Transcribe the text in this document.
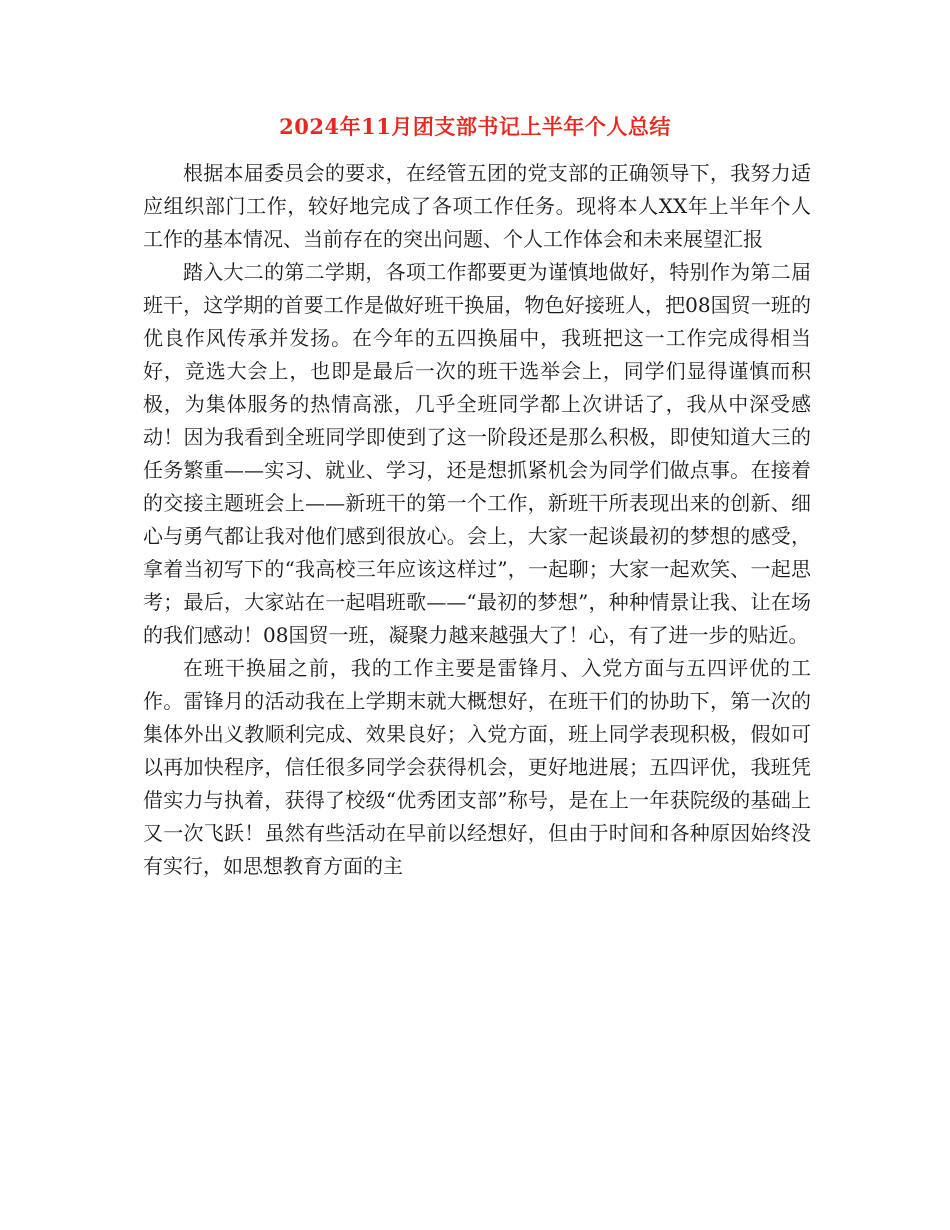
2024年11月团支部书记上半年个人总结

根据本届委员会的要求，在经管五团的党支部的正确领导下，我努力适应组织部门工作，较好地完成了各项工作任务。现将本人XX年上半年个人工作的基本情况、当前存在的突出问题、个人工作体会和未来展望汇报

踏入大二的第二学期，各项工作都要更为谨慎地做好，特别作为第二届班干，这学期的首要工作是做好班干换届，物色好接班人，把08国贸一班的优良作风传承并发扬。在今年的五四换届中，我班把这一工作完成得相当好，竞选大会上，也即是最后一次的班干选举会上，同学们显得谨慎而积极，为集体服务的热情高涨，几乎全班同学都上次讲话了，我从中深受感动！因为我看到全班同学即使到了这一阶段还是那么积极，即使知道大三的任务繁重——实习、就业、学习，还是想抓紧机会为同学们做点事。在接着的交接主题班会上——新班干的第一个工作，新班干所表现出来的创新、细心与勇气都让我对他们感到很放心。会上，大家一起谈最初的梦想的感受，拿着当初写下的“我高校三年应该这样过”，一起聊；大家一起欢笑、一起思考；最后，大家站在一起唱班歌——“最初的梦想”，种种情景让我、让在场的我们感动！08国贸一班，凝聚力越来越强大了！心，有了进一步的贴近。

在班干换届之前，我的工作主要是雷锋月、入党方面与五四评优的工作。雷锋月的活动我在上学期末就大概想好，在班干们的协助下，第一次的集体外出义教顺利完成、效果良好；入党方面，班上同学表现积极，假如可以再加快程序，信任很多同学会获得机会，更好地进展；五四评优，我班凭借实力与执着，获得了校级“优秀团支部”称号，是在上一年获院级的基础上又一次飞跃！虽然有些活动在早前以经想好，但由于时间和各种原因始终没有实行，如思想教育方面的主
